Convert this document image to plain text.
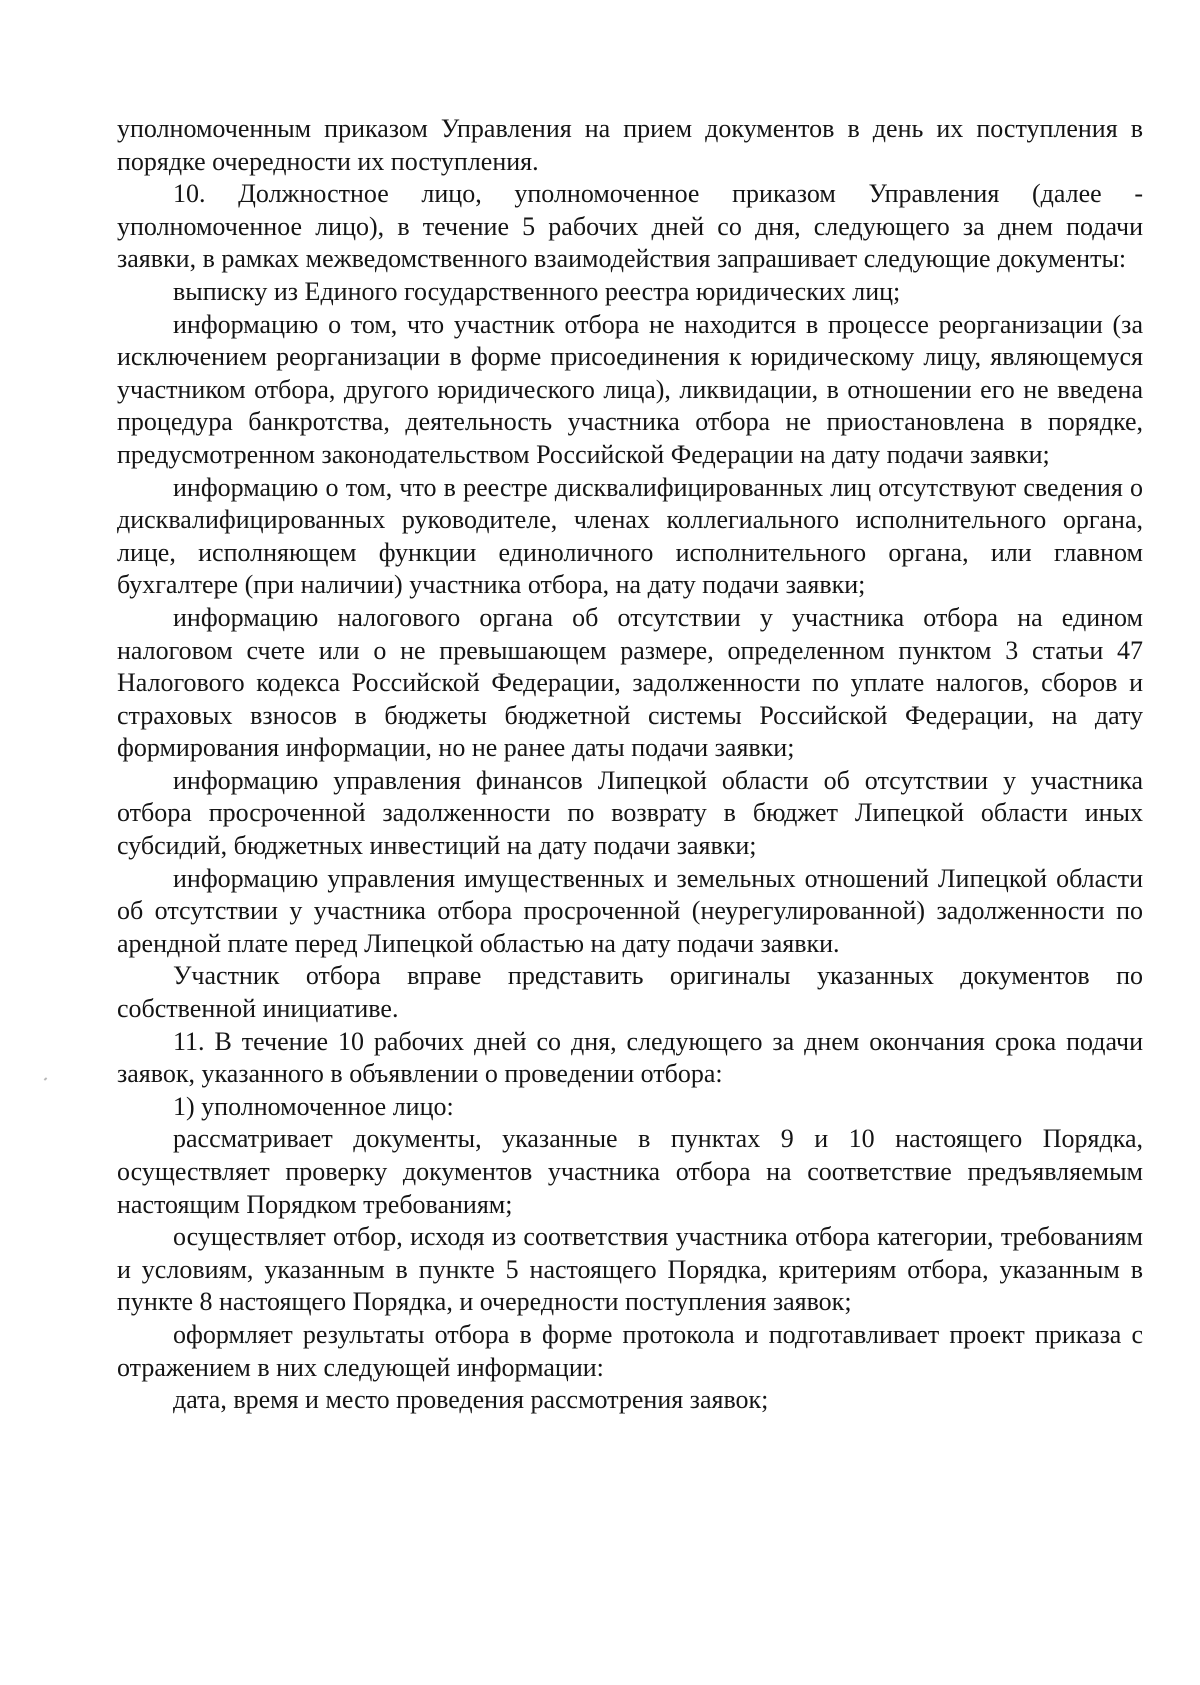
уполномоченным приказом Управления на прием документов в день их поступления в порядке очередности их поступления.

10. Должностное лицо, уполномоченное приказом Управления (далее - уполномоченное лицо), в течение 5 рабочих дней со дня, следующего за днем подачи заявки, в рамках межведомственного взаимодействия запрашивает следующие документы:

выписку из Единого государственного реестра юридических лиц;

информацию о том, что участник отбора не находится в процессе реорганизации (за исключением реорганизации в форме присоединения к юридическому лицу, являющемуся участником отбора, другого юридического лица), ликвидации, в отношении его не введена процедура банкротства, деятельность участника отбора не приостановлена в порядке, предусмотренном законодательством Российской Федерации на дату подачи заявки;

информацию о том, что в реестре дисквалифицированных лиц отсутствуют сведения о дисквалифицированных руководителе, членах коллегиального исполнительного органа, лице, исполняющем функции единоличного исполнительного органа, или главном бухгалтере (при наличии) участника отбора, на дату подачи заявки;

информацию налогового органа об отсутствии у участника отбора на едином налоговом счете или о не превышающем размере, определенном пунктом 3 статьи 47 Налогового кодекса Российской Федерации, задолженности по уплате налогов, сборов и страховых взносов в бюджеты бюджетной системы Российской Федерации, на дату формирования информации, но не ранее даты подачи заявки;

информацию управления финансов Липецкой области об отсутствии у участника отбора просроченной задолженности по возврату в бюджет Липецкой области иных субсидий, бюджетных инвестиций на дату подачи заявки;

информацию управления имущественных и земельных отношений Липецкой области об отсутствии у участника отбора просроченной (неурегулированной) задолженности по арендной плате перед Липецкой областью на дату подачи заявки.

Участник отбора вправе представить оригиналы указанных документов по собственной инициативе.

11. В течение 10 рабочих дней со дня, следующего за днем окончания срока подачи заявок, указанного в объявлении о проведении отбора:

1) уполномоченное лицо:

рассматривает документы, указанные в пунктах 9 и 10 настоящего Порядка, осуществляет проверку документов участника отбора на соответствие предъявляемым настоящим Порядком требованиям;

осуществляет отбор, исходя из соответствия участника отбора категории, требованиям и условиям, указанным в пункте 5 настоящего Порядка, критериям отбора, указанным в пункте 8 настоящего Порядка, и очередности поступления заявок;

оформляет результаты отбора в форме протокола и подготавливает проект приказа с отражением в них следующей информации:

дата, время и место проведения рассмотрения заявок;
